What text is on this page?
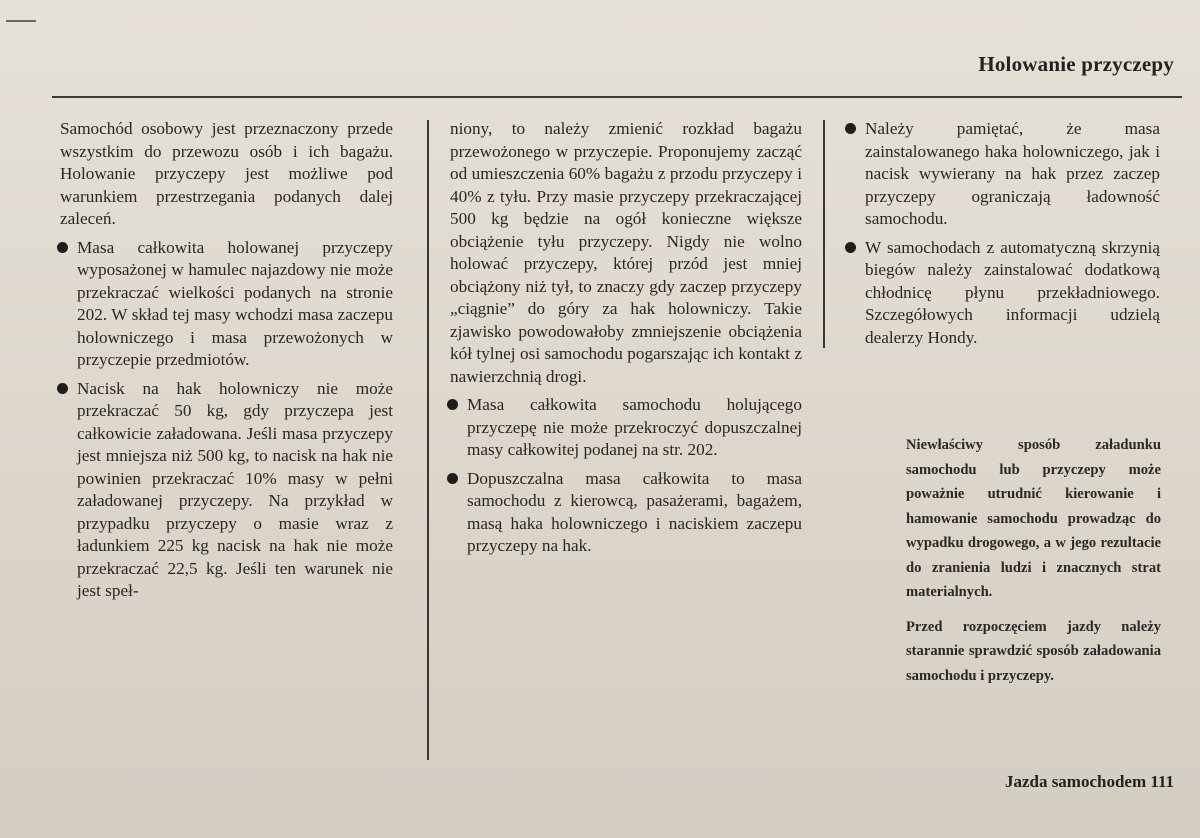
Holowanie przyczepy

Samochód osobowy jest przeznaczony przede wszystkim do przewozu osób i ich bagażu. Holowanie przyczepy jest możliwe pod warunkiem przestrzegania podanych dalej zaleceń.

Masa całkowita holowanej przyczepy wyposażonej w hamulec najazdowy nie może przekraczać wielkości podanych na stronie 202. W skład tej masy wchodzi masa zaczepu holowniczego i masa przewożonych w przyczepie przedmiotów.
Nacisk na hak holowniczy nie może przekraczać 50 kg, gdy przyczepa jest całkowicie załadowana. Jeśli masa przyczepy jest mniejsza niż 500 kg, to nacisk na hak nie powinien przekraczać 10% masy w pełni załadowanej przyczepy. Na przykład w przypadku przyczepy o masie wraz z ładunkiem 225 kg nacisk na hak nie może przekraczać 22,5 kg. Jeśli ten warunek nie jest speł-

niony, to należy zmienić rozkład bagażu przewożonego w przyczepie. Proponujemy zacząć od umieszczenia 60% bagażu z przodu przyczepy i 40% z tyłu. Przy masie przyczepy przekraczającej 500 kg będzie na ogół konieczne większe obciążenie tyłu przyczepy. Nigdy nie wolno holować przyczepy, której przód jest mniej obciążony niż tył, to znaczy gdy zaczep przyczepy „ciągnie” do góry za hak holowniczy. Takie zjawisko powodowałoby zmniejszenie obciążenia kół tylnej osi samochodu pogarszając ich kontakt z nawierzchnią drogi.

Masa całkowita samochodu holującego przyczepę nie może przekroczyć dopuszczalnej masy całkowitej podanej na str. 202.
Dopuszczalna masa całkowita to masa samochodu z kierowcą, pasażerami, bagażem, masą haka holowniczego i naciskiem zaczepu przyczepy na hak.
Należy pamiętać, że masa zainstalowanego haka holowniczego, jak i nacisk wywierany na hak przez zaczep przyczepy ograniczają ładowność samochodu.
W samochodach z automatyczną skrzynią biegów należy zainstalować dodatkową chłodnicę płynu przekładniowego. Szczegółowych informacji udzielą dealerzy Hondy.

Niewłaściwy sposób załadunku samochodu lub przyczepy może poważnie utrudnić kierowanie i hamowanie samochodu prowadząc do wypadku drogowego, a w jego rezultacie do zranienia ludzi i znacznych strat materialnych.

Przed rozpoczęciem jazdy należy starannie sprawdzić sposób załadowania samochodu i przyczepy.

Jazda samochodem 111
